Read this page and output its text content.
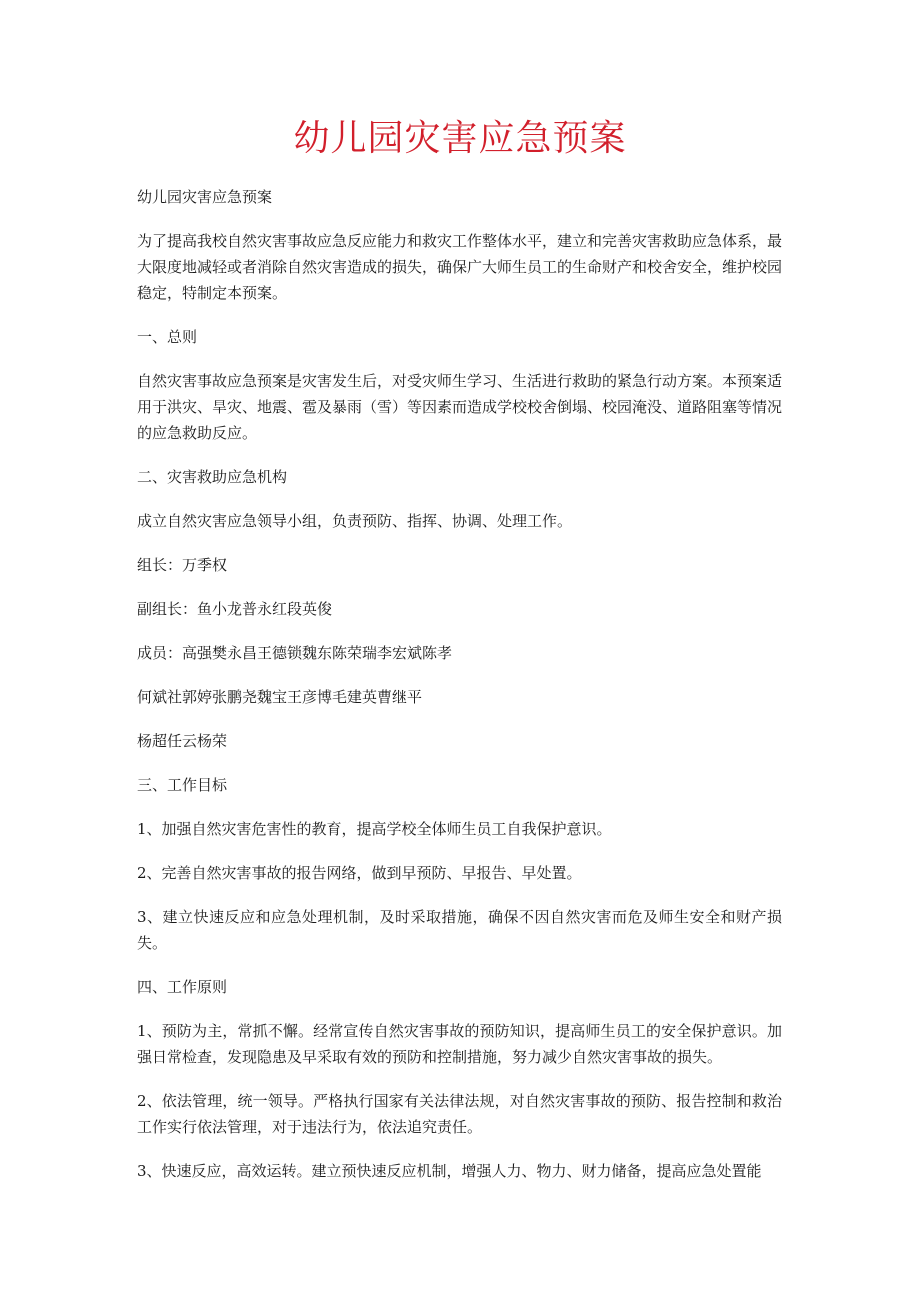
幼儿园灾害应急预案

幼儿园灾害应急预案

为了提高我校自然灾害事故应急反应能力和救灾工作整体水平，建立和完善灾害救助应急体系，最大限度地减轻或者消除自然灾害造成的损失，确保广大师生员工的生命财产和校舍安全，维护校园稳定，特制定本预案。

一、总则

自然灾害事故应急预案是灾害发生后，对受灾师生学习、生活进行救助的紧急行动方案。本预案适用于洪灾、旱灾、地震、雹及暴雨（雪）等因素而造成学校校舍倒塌、校园淹没、道路阻塞等情况的应急救助反应。

二、灾害救助应急机构

成立自然灾害应急领导小组，负责预防、指挥、协调、处理工作。

组长：万季权

副组长：鱼小龙普永红段英俊

成员：高强樊永昌王德锁魏东陈荣瑞李宏斌陈孝

何斌社郭婷张鹏尧魏宝王彦博毛建英曹继平

杨超任云杨荣

三、工作目标

1、加强自然灾害危害性的教育，提高学校全体师生员工自我保护意识。

2、完善自然灾害事故的报告网络，做到早预防、早报告、早处置。

3、建立快速反应和应急处理机制，及时采取措施，确保不因自然灾害而危及师生安全和财产损失。

四、工作原则

1、预防为主，常抓不懈。经常宣传自然灾害事故的预防知识，提高师生员工的安全保护意识。加强日常检查，发现隐患及早采取有效的预防和控制措施，努力减少自然灾害事故的损失。

2、依法管理，统一领导。严格执行国家有关法律法规，对自然灾害事故的预防、报告控制和救治工作实行依法管理，对于违法行为，依法追究责任。

3、快速反应，高效运转。建立预快速反应机制，增强人力、物力、财力储备，提高应急处置能
